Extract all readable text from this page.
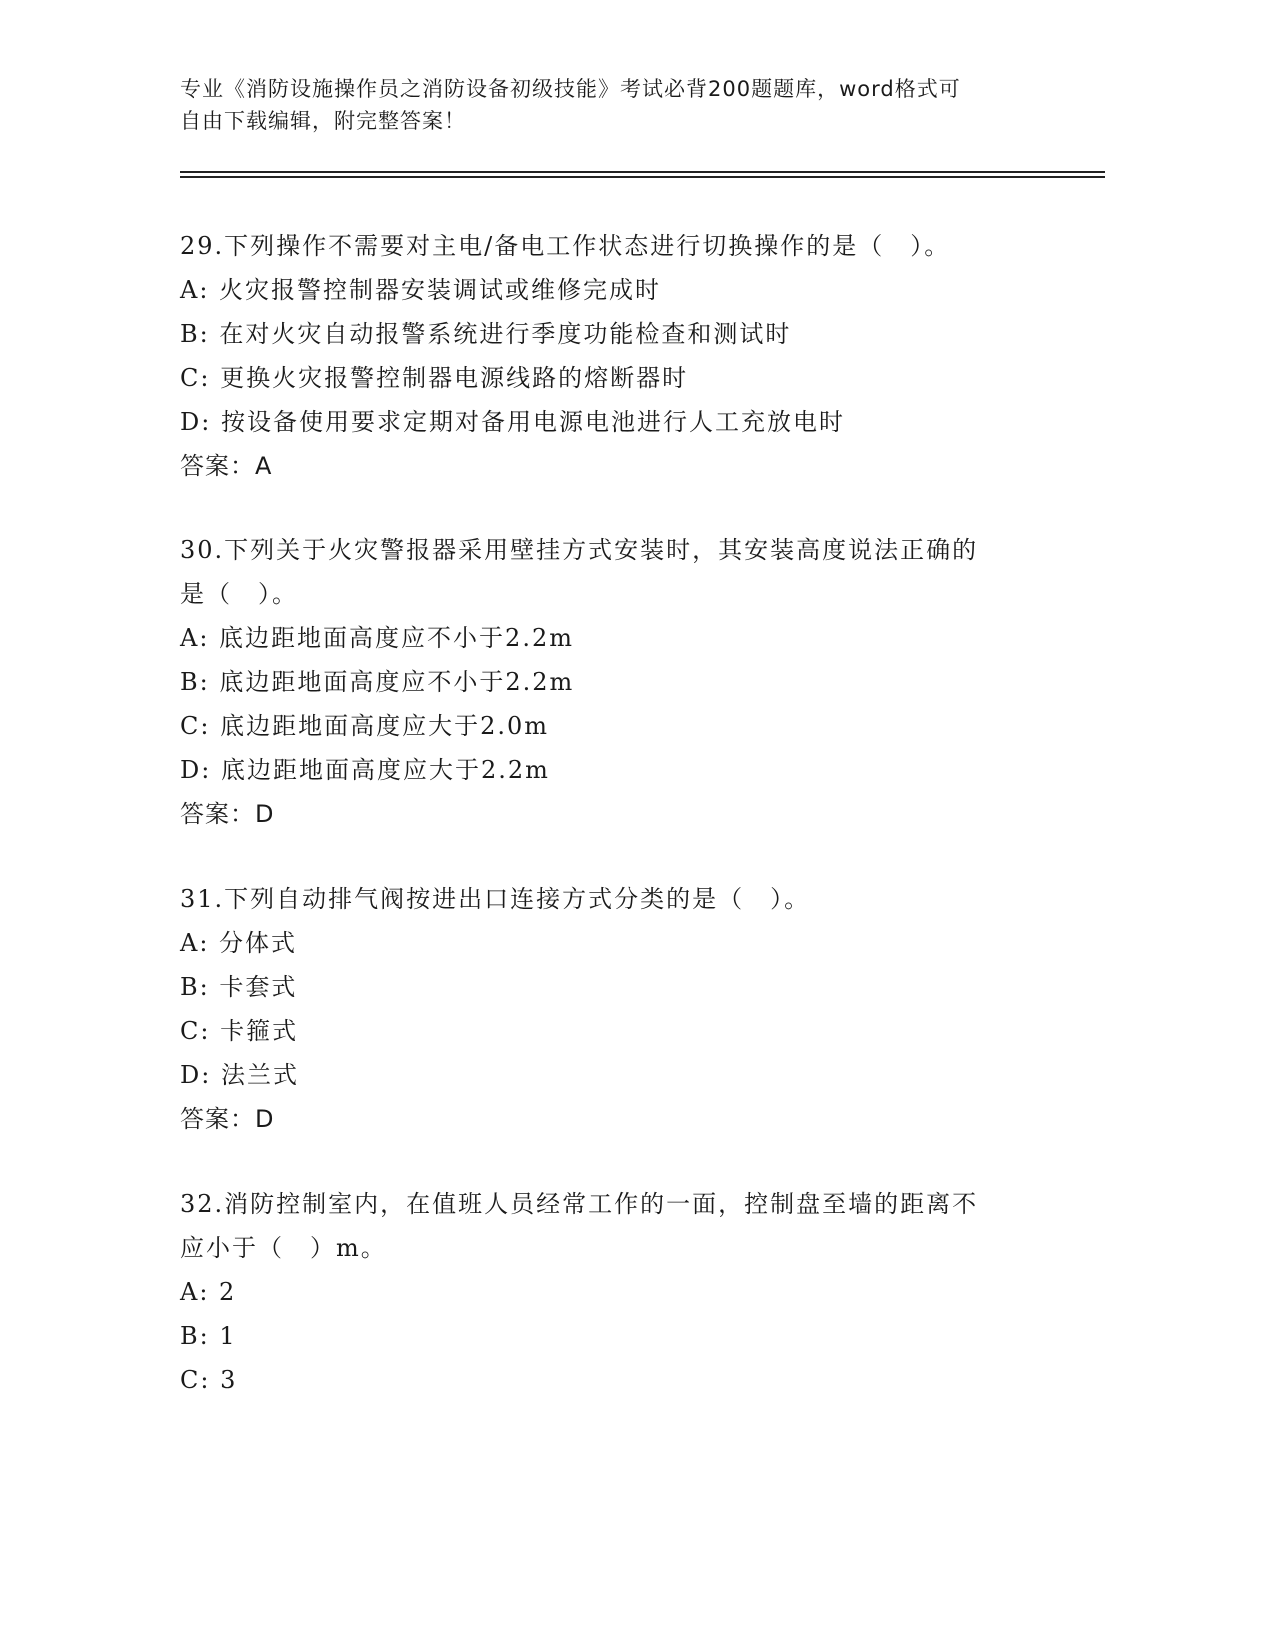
专业《消防设施操作员之消防设备初级技能》考试必背200题题库，word格式可
自由下载编辑，附完整答案！
29.下列操作不需要对主电/备电工作状态进行切换操作的是（　）。
A: 火灾报警控制器安装调试或维修完成时
B: 在对火灾自动报警系统进行季度功能检查和测试时
C: 更换火灾报警控制器电源线路的熔断器时
D: 按设备使用要求定期对备用电源电池进行人工充放电时
答案：A
30.下列关于火灾警报器采用壁挂方式安装时，其安装高度说法正确的
是（　）。
A: 底边距地面高度应不小于2.2m
B: 底边距地面高度应不小于2.2m
C: 底边距地面高度应大于2.0m
D: 底边距地面高度应大于2.2m
答案：D
31.下列自动排气阀按进出口连接方式分类的是（　）。
A: 分体式
B: 卡套式
C: 卡箍式
D: 法兰式
答案：D
32.消防控制室内，在值班人员经常工作的一面，控制盘至墙的距离不
应小于（　）m。
A: 2
B: 1
C: 3
